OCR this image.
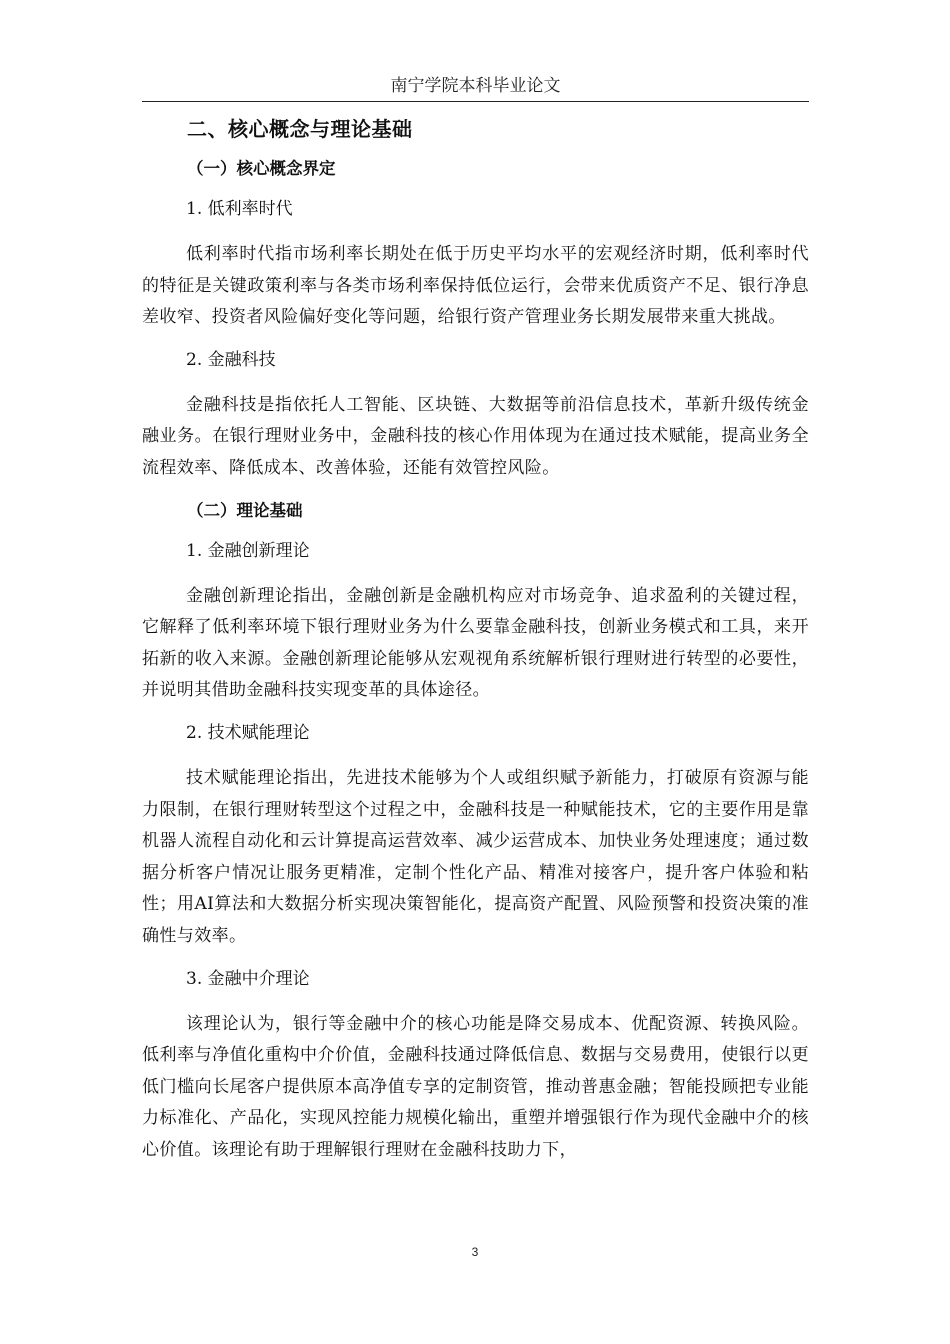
南宁学院本科毕业论文
二、核心概念与理论基础
（一）核心概念界定
1. 低利率时代

低利率时代指市场利率长期处在低于历史平均水平的宏观经济时期，低利率时代的特征是关键政策利率与各类市场利率保持低位运行，会带来优质资产不足、银行净息差收窄、投资者风险偏好变化等问题，给银行资产管理业务长期发展带来重大挑战。

2. 金融科技

金融科技是指依托人工智能、区块链、大数据等前沿信息技术，革新升级传统金融业务。在银行理财业务中，金融科技的核心作用体现为在通过技术赋能，提高业务全流程效率、降低成本、改善体验，还能有效管控风险。

（二）理论基础
1. 金融创新理论

金融创新理论指出，金融创新是金融机构应对市场竞争、追求盈利的关键过程，它解释了低利率环境下银行理财业务为什么要靠金融科技，创新业务模式和工具，来开拓新的收入来源。金融创新理论能够从宏观视角系统解析银行理财进行转型的必要性，并说明其借助金融科技实现变革的具体途径。

2. 技术赋能理论

技术赋能理论指出，先进技术能够为个人或组织赋予新能力，打破原有资源与能力限制，在银行理财转型这个过程之中，金融科技是一种赋能技术，它的主要作用是靠机器人流程自动化和云计算提高运营效率、减少运营成本、加快业务处理速度；通过数据分析客户情况让服务更精准，定制个性化产品、精准对接客户，提升客户体验和粘性；用AI算法和大数据分析实现决策智能化，提高资产配置、风险预警和投资决策的准确性与效率。

3. 金融中介理论

该理论认为，银行等金融中介的核心功能是降交易成本、优配资源、转换风险。低利率与净值化重构中介价值，金融科技通过降低信息、数据与交易费用，使银行以更低门槛向长尾客户提供原本高净值专享的定制资管，推动普惠金融；智能投顾把专业能力标准化、产品化，实现风控能力规模化输出，重塑并增强银行作为现代金融中介的核心价值。该理论有助于理解银行理财在金融科技助力下，

3
